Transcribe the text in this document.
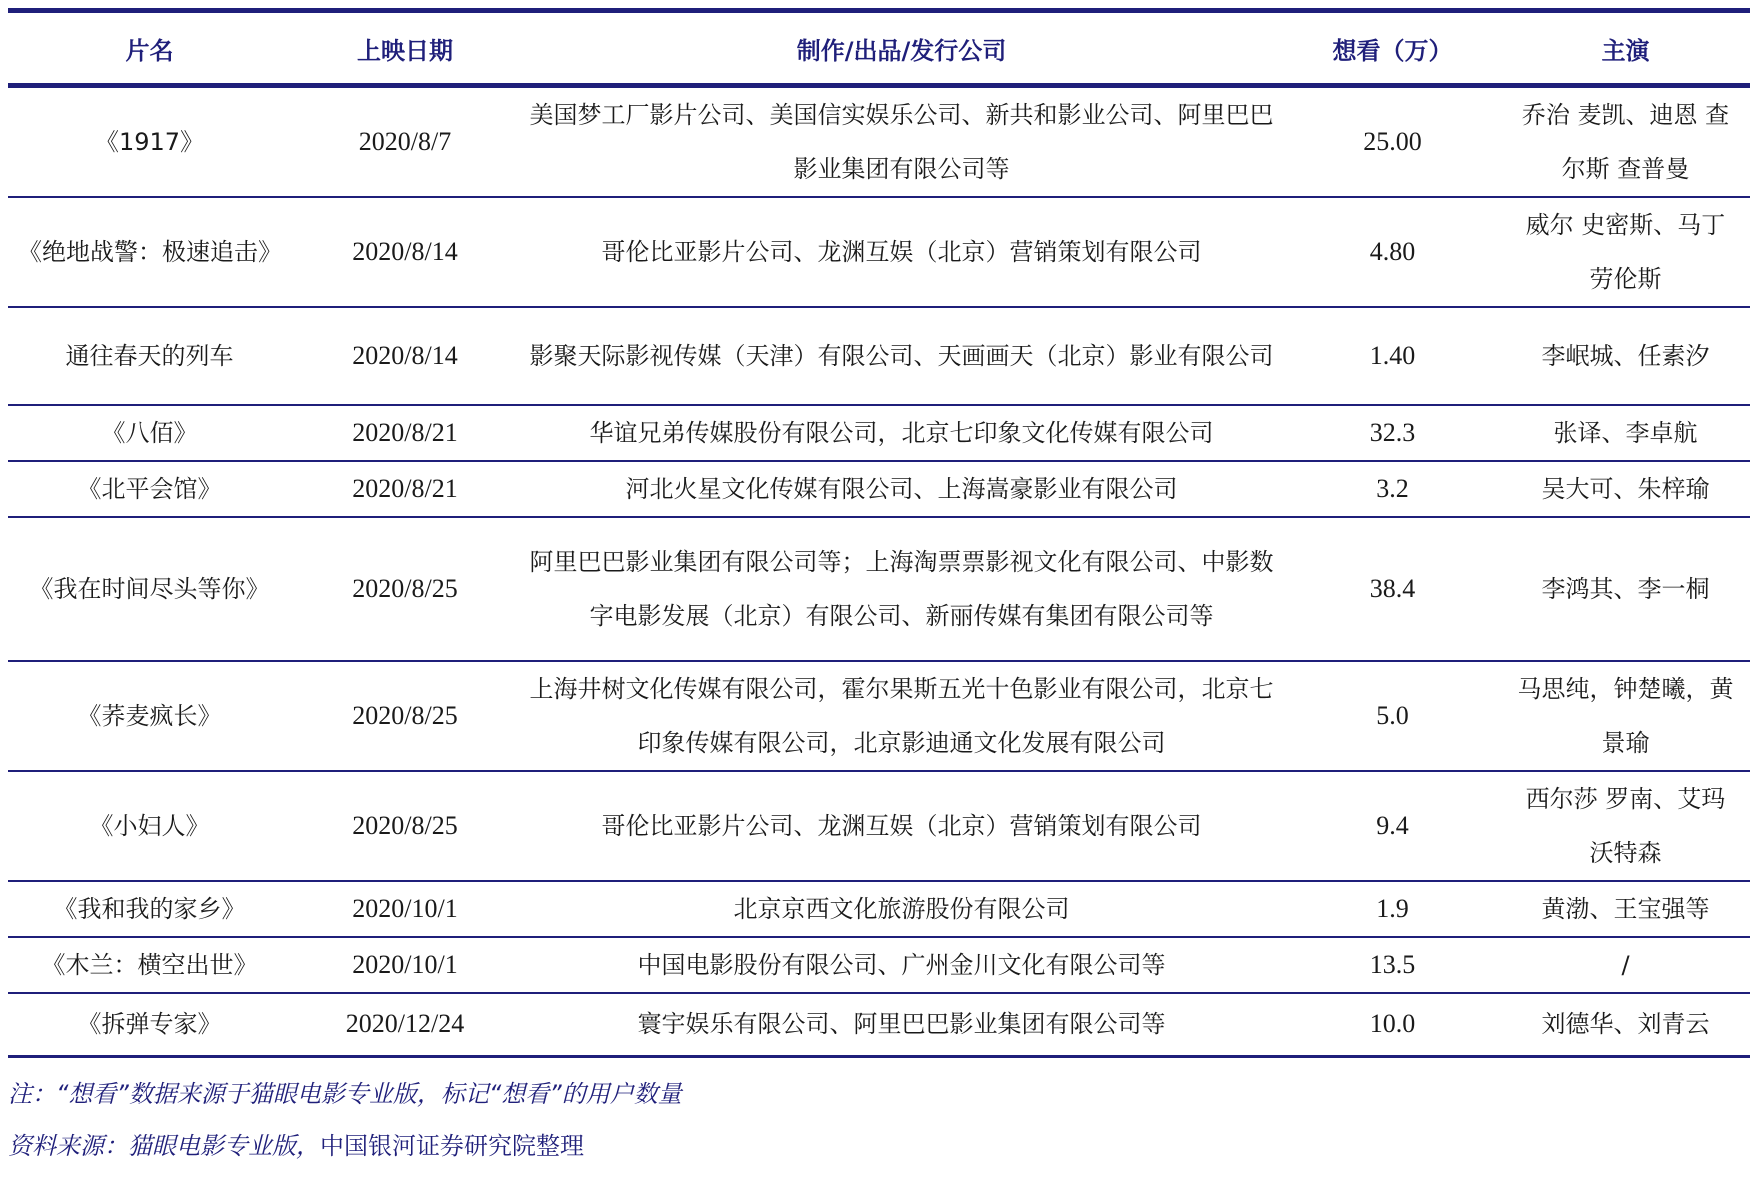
片名	上映日期	制作/出品/发行公司	想看（万）	主演
《1917》	2020/8/7	美国梦工厂影片公司、美国信实娱乐公司、新共和影业公司、阿里巴巴影业集团有限公司等	25.00	乔治 麦凯、迪恩 查尔斯 查普曼
《绝地战警：极速追击》	2020/8/14	哥伦比亚影片公司、龙渊互娱（北京）营销策划有限公司	4.80	威尔 史密斯、马丁 劳伦斯
通往春天的列车	2020/8/14	影聚天际影视传媒（天津）有限公司、天画画天（北京）影业有限公司	1.40	李岷城、任素汐
《八佰》	2020/8/21	华谊兄弟传媒股份有限公司，北京七印象文化传媒有限公司	32.3	张译、李卓航
《北平会馆》	2020/8/21	河北火星文化传媒有限公司、上海嵩豪影业有限公司	3.2	吴大可、朱梓瑜
《我在时间尽头等你》	2020/8/25	阿里巴巴影业集团有限公司等；上海淘票票影视文化有限公司、中影数字电影发展（北京）有限公司、新丽传媒有集团有限公司等	38.4	李鸿其、李一桐
《荞麦疯长》	2020/8/25	上海井树文化传媒有限公司，霍尔果斯五光十色影业有限公司，北京七印象传媒有限公司，北京影迪通文化发展有限公司	5.0	马思纯，钟楚曦，黄景瑜
《小妇人》	2020/8/25	哥伦比亚影片公司、龙渊互娱（北京）营销策划有限公司	9.4	西尔莎 罗南、艾玛 沃特森
《我和我的家乡》	2020/10/1	北京京西文化旅游股份有限公司	1.9	黄渤、王宝强等
《木兰：横空出世》	2020/10/1	中国电影股份有限公司、广州金川文化有限公司等	13.5	/
《拆弹专家》	2020/12/24	寰宇娱乐有限公司、阿里巴巴影业集团有限公司等	10.0	刘德华、刘青云
注：“想看”数据来源于猫眼电影专业版，标记“想看”的用户数量
资料来源：猫眼电影专业版，中国银河证券研究院整理
